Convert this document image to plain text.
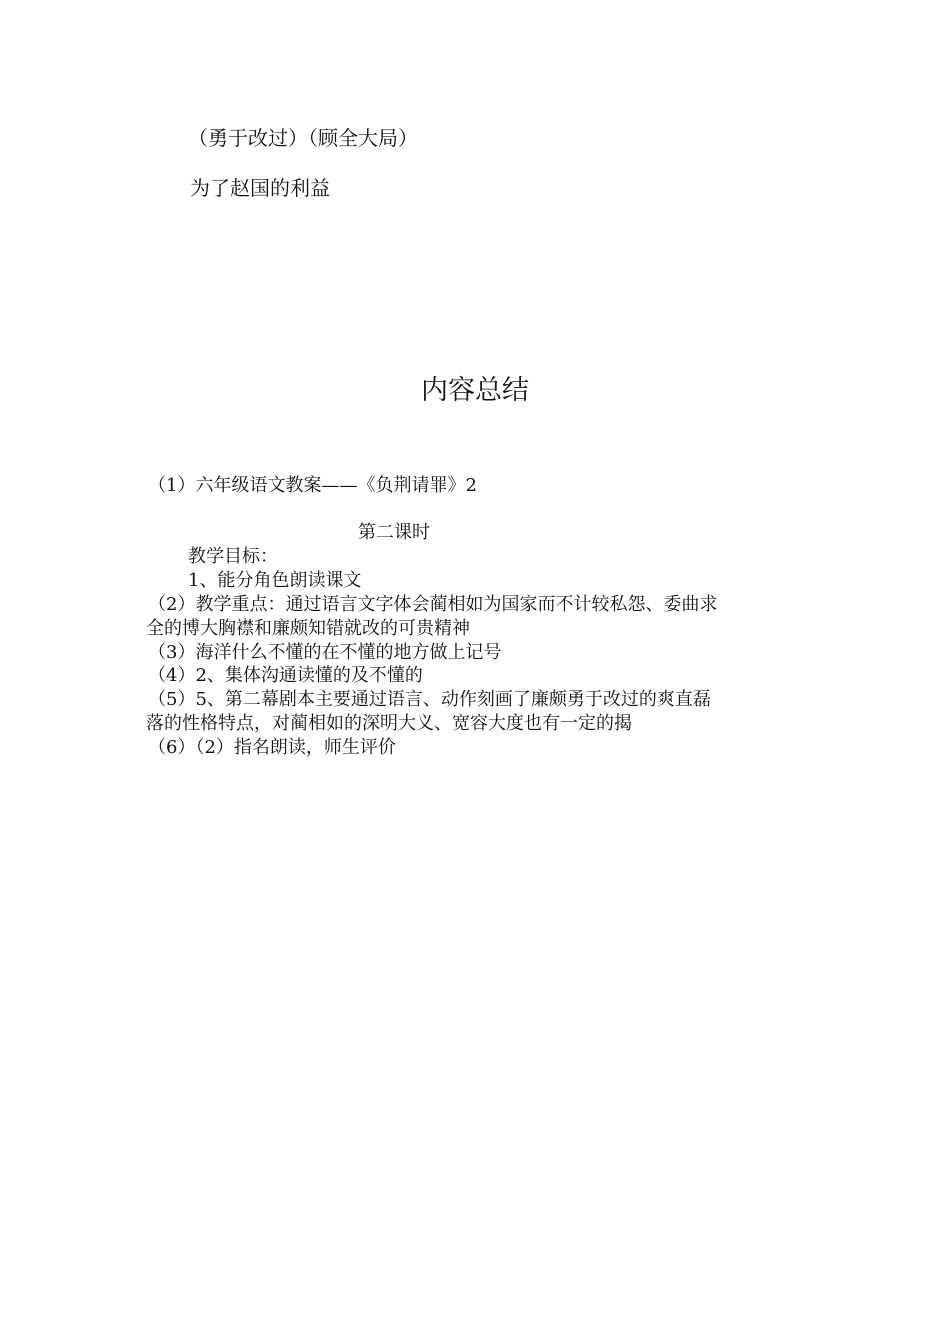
（勇于改过）（顾全大局）
为了赵国的利益
内容总结
（1）六年级语文教案——《负荆请罪》2
第二课时
教学目标：
1、能分角色朗读课文
（2）教学重点：通过语言文字体会蔺相如为国家而不计较私怨、委曲求
全的博大胸襟和廉颇知错就改的可贵精神
（3）海洋什么不懂的在不懂的地方做上记号
（4）2、集体沟通读懂的及不懂的
（5）5、第二幕剧本主要通过语言、动作刻画了廉颇勇于改过的爽直磊
落的性格特点，对蔺相如的深明大义、宽容大度也有一定的揭
（6）（2）指名朗读，师生评价
